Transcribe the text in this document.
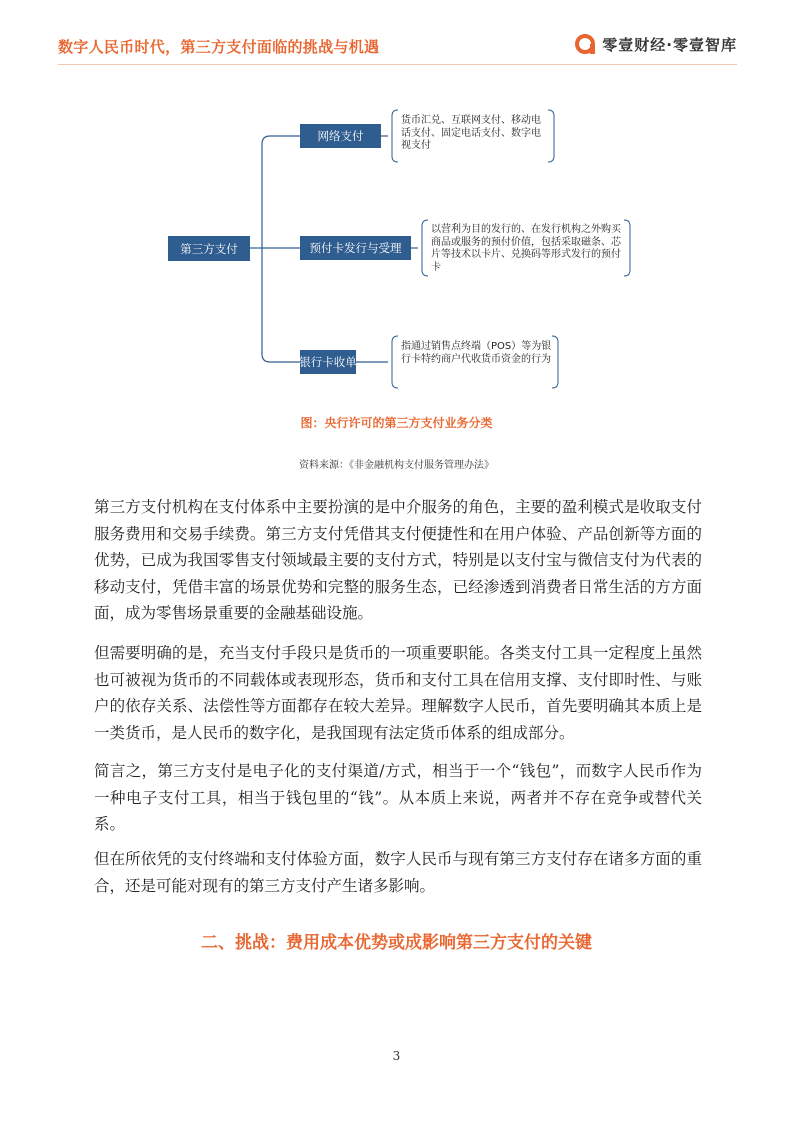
数字人民币时代，第三方支付面临的挑战与机遇	零壹财经·零壹智库
第三方支付
网络支付
预付卡发行与受理
银行卡收单
货币汇兑、互联网支付、移动电话支付、固定电话支付、数字电视支付
以营利为目的发行的、在发行机构之外购买商品或服务的预付价值，包括采取磁条、芯片等技术以卡片、兑换码等形式发行的预付卡
指通过销售点终端（POS）等为银行卡特约商户代收货币资金的行为
图：央行许可的第三方支付业务分类
资料来源：《非金融机构支付服务管理办法》

第三方支付机构在支付体系中主要扮演的是中介服务的角色，主要的盈利模式是收取支付服务费用和交易手续费。第三方支付凭借其支付便捷性和在用户体验、产品创新等方面的优势，已成为我国零售支付领域最主要的支付方式，特别是以支付宝与微信支付为代表的移动支付，凭借丰富的场景优势和完整的服务生态，已经渗透到消费者日常生活的方方面面，成为零售场景重要的金融基础设施。

但需要明确的是，充当支付手段只是货币的一项重要职能。各类支付工具一定程度上虽然也可被视为货币的不同载体或表现形态，货币和支付工具在信用支撑、支付即时性、与账户的依存关系、法偿性等方面都存在较大差异。理解数字人民币，首先要明确其本质上是一类货币，是人民币的数字化，是我国现有法定货币体系的组成部分。

简言之，第三方支付是电子化的支付渠道/方式，相当于一个“钱包”，而数字人民币作为一种电子支付工具，相当于钱包里的“钱”。从本质上来说，两者并不存在竞争或替代关系。

但在所依凭的支付终端和支付体验方面，数字人民币与现有第三方支付存在诸多方面的重合，还是可能对现有的第三方支付产生诸多影响。

二、挑战：费用成本优势或成影响第三方支付的关键
3
